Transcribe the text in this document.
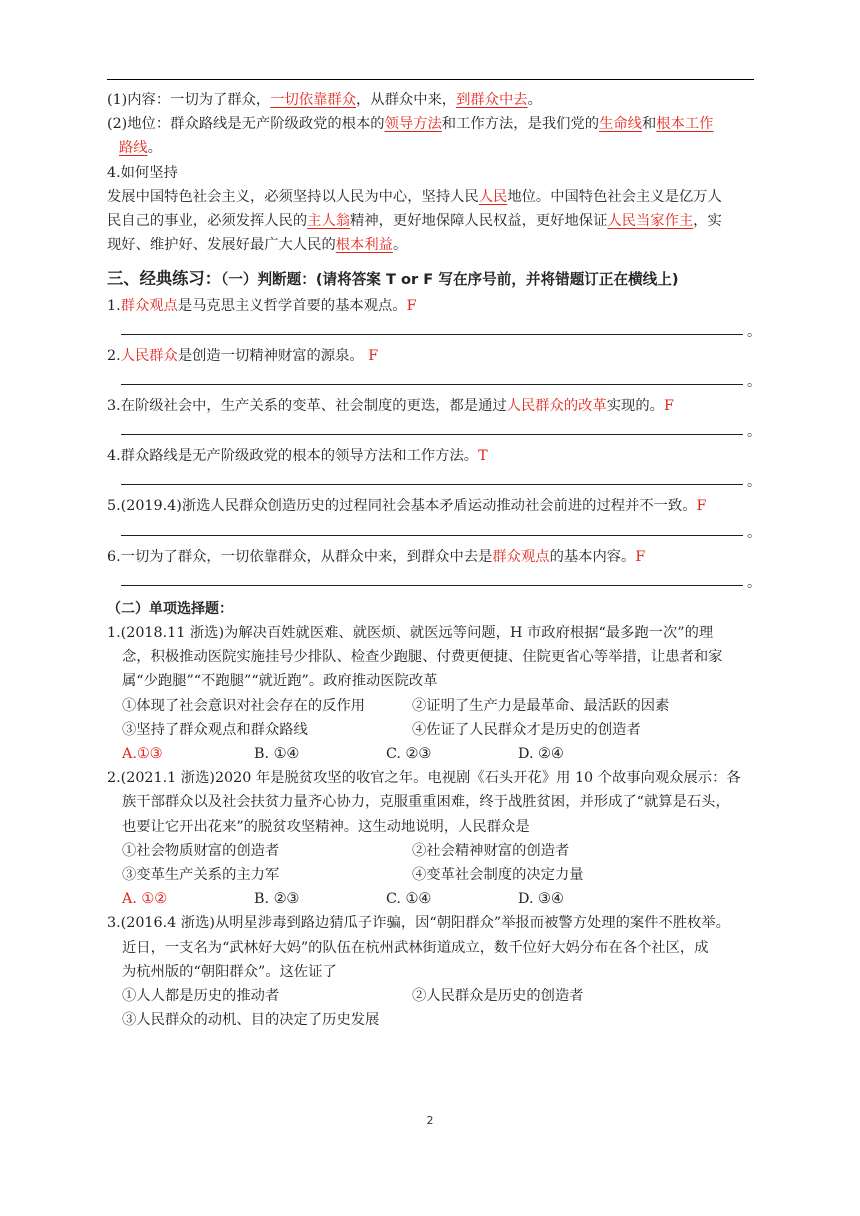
(1)内容：一切为了群众，一切依靠群众，从群众中来，到群众中去。

(2)地位：群众路线是无产阶级政党的根本的领导方法和工作方法，是我们党的生命线和根本工作

路线。

4.如何坚持

发展中国特色社会主义，必须坚持以人民为中心，坚持人民人民地位。中国特色社会主义是亿万人
民自己的事业，必须发挥人民的主人翁精神，更好地保障人民权益，更好地保证人民当家作主，实
现好、维护好、发展好最广大人民的根本利益。

三、经典练习：（一）判断题：(请将答案 T or F 写在序号前，并将错题订正在横线上)

1.群众观点是马克思主义哲学首要的基本观点。F

。

2.人民群众是创造一切精神财富的源泉。 F

。

3.在阶级社会中，生产关系的变革、社会制度的更迭，都是通过人民群众的改革实现的。F

。

4.群众路线是无产阶级政党的根本的领导方法和工作方法。T

。

5.(2019.4)浙选人民群众创造历史的过程同社会基本矛盾运动推动社会前进的过程并不一致。F

。

6.一切为了群众，一切依靠群众，从群众中来，到群众中去是群众观点的基本内容。F

。

（二）单项选择题：

1.(2018.11 浙选)为解决百姓就医难、就医烦、就医远等问题，H 市政府根据“最多跑一次”的理
念，积极推动医院实施挂号少排队、检查少跑腿、付费更便捷、住院更省心等举措，让患者和家
属“少跑腿”“不跑腿”“就近跑”。政府推动医院改革

①体现了社会意识对社会存在的反作用	②证明了生产力是最革命、最活跃的因素
③坚持了群众观点和群众路线	④佐证了人民群众才是历史的创造者
A.①③	B. ①④	C. ②③	D. ②④

2.(2021.1 浙选)2020 年是脱贫攻坚的收官之年。电视剧《石头开花》用 10 个故事向观众展示：各
族干部群众以及社会扶贫力量齐心协力，克服重重困难，终于战胜贫困，并形成了“就算是石头，
也要让它开出花来”的脱贫攻坚精神。这生动地说明，人民群众是

①社会物质财富的创造者	②社会精神财富的创造者
③变革生产关系的主力军	④变革社会制度的决定力量
A. ①②	B. ②③	C. ①④	D. ③④

3.(2016.4 浙选)从明星涉毒到路边猜瓜子诈骗，因“朝阳群众”举报而被警方处理的案件不胜枚举。
近日，一支名为“武林好大妈”的队伍在杭州武林街道成立，数千位好大妈分布在各个社区，成
为杭州版的“朝阳群众”。这佐证了

①人人都是历史的推动者	②人民群众是历史的创造者
③人民群众的动机、目的决定了历史发展
2
